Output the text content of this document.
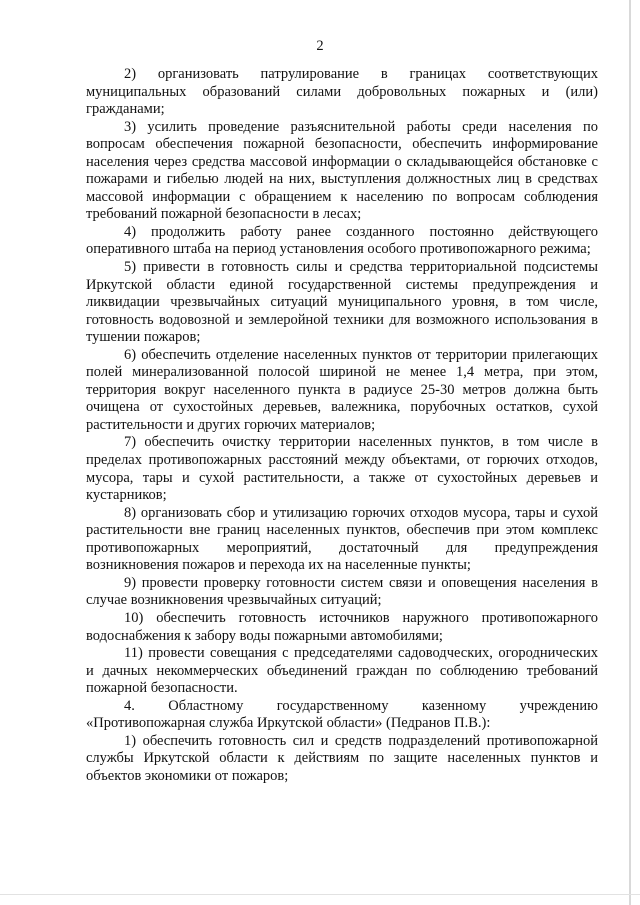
2

2) организовать патрулирование в границах соответствующих муниципальных образований силами добровольных пожарных и (или) гражданами;

3) усилить проведение разъяснительной работы среди населения по вопросам обеспечения пожарной безопасности, обеспечить информирование населения через средства массовой информации о складывающейся обстановке с пожарами и гибелью людей на них, выступления должностных лиц в средствах массовой информации с обращением к населению по вопросам соблюдения требований пожарной безопасности в лесах;

4) продолжить работу ранее созданного постоянно действующего оперативного штаба на период установления особого противопожарного режима;

5) привести в готовность силы и средства территориальной подсистемы Иркутской области единой государственной системы предупреждения и ликвидации чрезвычайных ситуаций муниципального уровня, в том числе, готовность водовозной и землеройной техники для возможного использования в тушении пожаров;

6) обеспечить отделение населенных пунктов от территории прилегающих полей минерализованной полосой шириной не менее 1,4 метра, при этом, территория вокруг населенного пункта в радиусе 25-30 метров должна быть очищена от сухостойных деревьев, валежника, порубочных остатков, сухой растительности и других горючих материалов;

7) обеспечить очистку территории населенных пунктов, в том числе в пределах противопожарных расстояний между объектами, от горючих отходов, мусора, тары и сухой растительности, а также от сухостойных деревьев и кустарников;

8) организовать сбор и утилизацию горючих отходов мусора, тары и сухой растительности вне границ населенных пунктов, обеспечив при этом комплекс противопожарных мероприятий, достаточный для предупреждения возникновения пожаров и перехода их на населенные пункты;

9) провести проверку готовности систем связи и оповещения населения в случае возникновения чрезвычайных ситуаций;

10) обеспечить готовность источников наружного противопожарного водоснабжения к забору воды пожарными автомобилями;

11) провести совещания с председателями садоводческих, огороднических и дачных некоммерческих объединений граждан по соблюдению требований пожарной безопасности.

4. Областному государственному казенному учреждению «Противопожарная служба Иркутской области» (Педранов П.В.):

1) обеспечить готовность сил и средств подразделений противопожарной службы Иркутской области к действиям по защите населенных пунктов и объектов экономики от пожаров;
